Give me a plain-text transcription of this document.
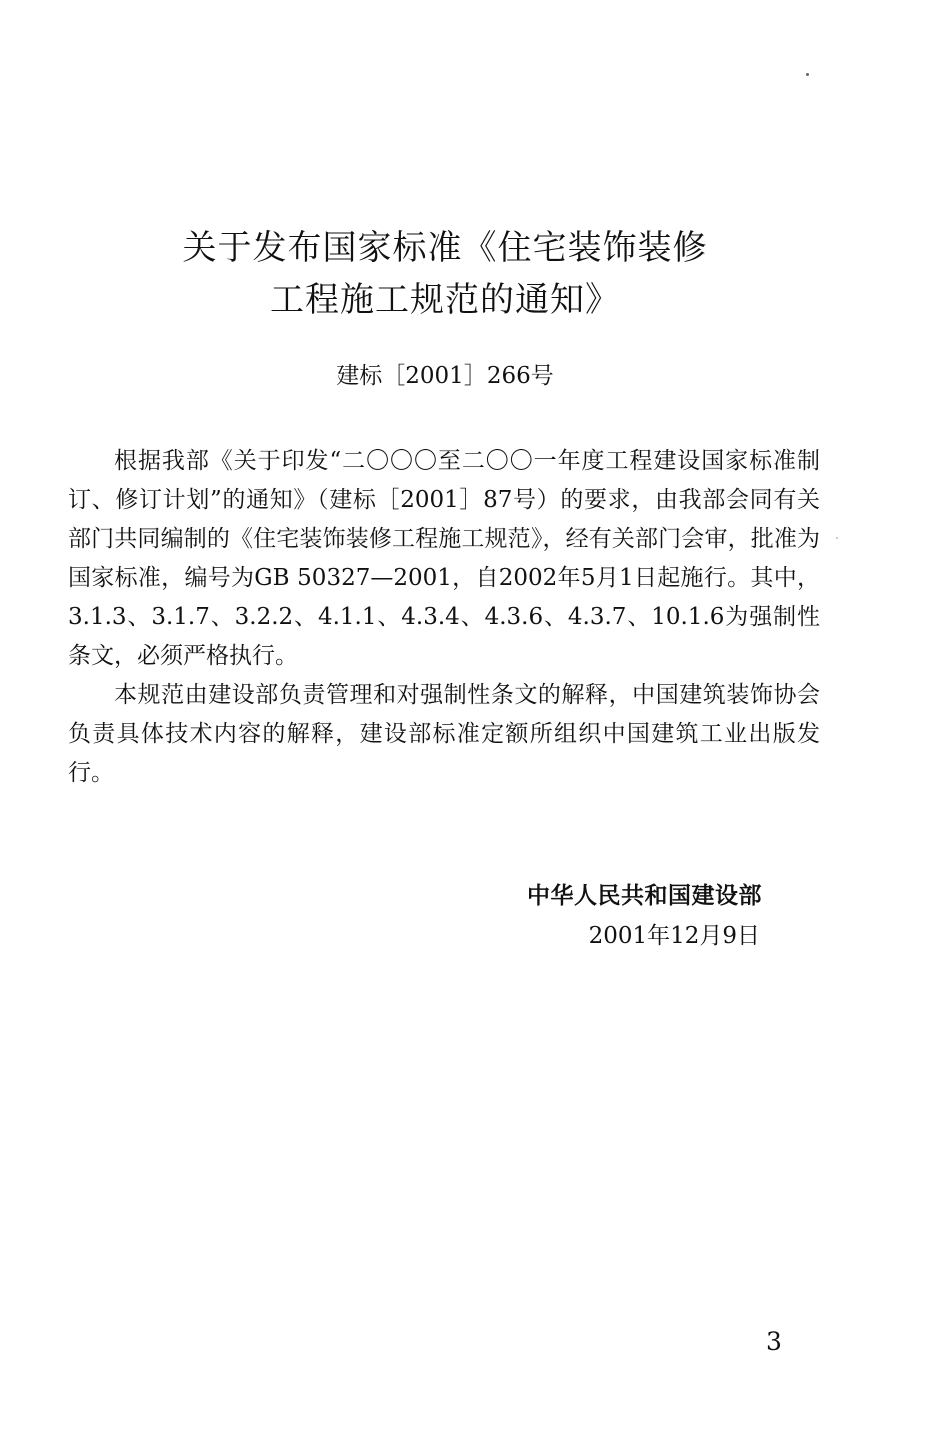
关于发布国家标准《住宅装饰装修
工程施工规范的通知》
建标［2001］266号

根据我部《关于印发“二〇〇〇至二〇〇一年度工程建设国家标准制订、修订计划”的通知》（建标［2001］87号）的要求，由我部会同有关部门共同编制的《住宅装饰装修工程施工规范》，经有关部门会审，批准为国家标准，编号为GB 50327—2001，自2002年5月1日起施行。其中，3.1.3、3.1.7、3.2.2、4.1.1、4.3.4、4.3.6、4.3.7、10.1.6为强制性条文，必须严格执行。

本规范由建设部负责管理和对强制性条文的解释，中国建筑装饰协会负责具体技术内容的解释，建设部标准定额所组织中国建筑工业出版发行。

中华人民共和国建设部
2001年12月9日
3
